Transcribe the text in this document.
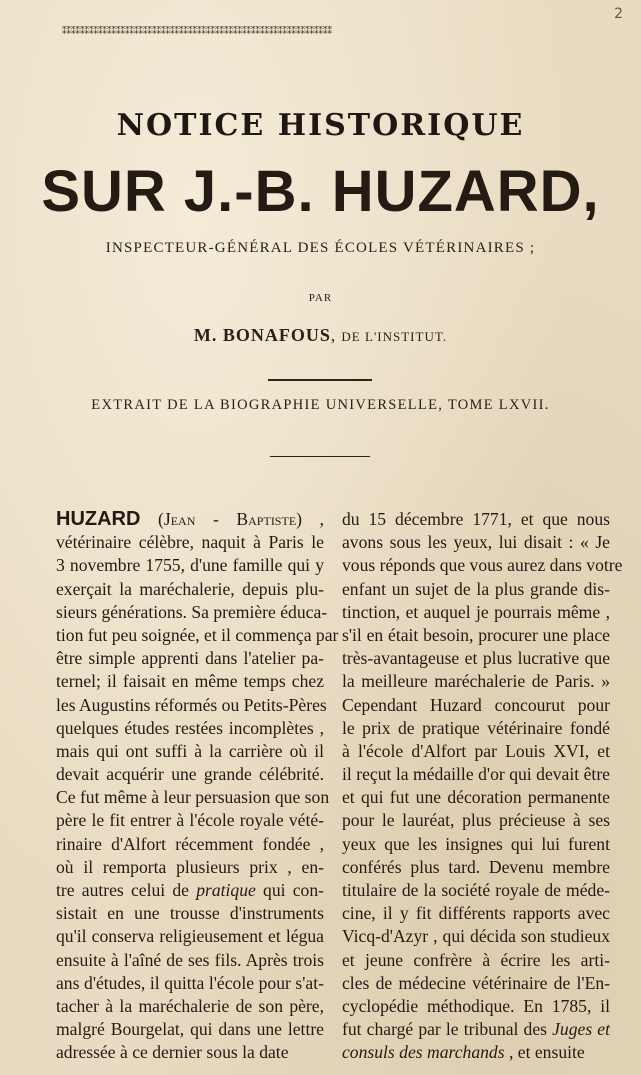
2
⁑⁑⁑⁑⁑⁑⁑⁑⁑⁑⁑⁑⁑⁑⁑⁑⁑⁑⁑⁑⁑⁑⁑⁑⁑⁑⁑⁑⁑⁑⁑⁑⁑⁑⁑⁑⁑⁑⁑⁑⁑⁑⁑⁑⁑⁑⁑⁑⁑⁑⁑⁑⁑⁑⁑⁑⁑⁑⁑⁑
NOTICE HISTORIQUE
SUR J.-B. HUZARD,
INSPECTEUR-GÉNÉRAL DES ÉCOLES VÉTÉRINAIRES ;
PAR
M. BONAFOUS, DE L'INSTITUT.
EXTRAIT DE LA BIOGRAPHIE UNIVERSELLE, TOME LXVII.
HUZARD (Jean - Baptiste) ,
vétérinaire célèbre, naquit à Paris le
3 novembre 1755, d'une famille qui y
exerçait la maréchalerie, depuis plu-
sieurs générations. Sa première éduca-
tion fut peu soignée, et il commença par
être simple apprenti dans l'atelier pa-
ternel; il faisait en même temps chez
les Augustins réformés ou Petits-Pères
quelques études restées incomplètes ,
mais qui ont suffi à la carrière où il
devait acquérir une grande célébrité.
Ce fut même à leur persuasion que son
père le fit entrer à l'école royale vété-
rinaire d'Alfort récemment fondée ,
où il remporta plusieurs prix , en-
tre autres celui de pratique qui con-
sistait en une trousse d'instruments
qu'il conserva religieusement et légua
ensuite à l'aîné de ses fils. Après trois
ans d'études, il quitta l'école pour s'at-
tacher à la maréchalerie de son père,
malgré Bourgelat, qui dans une lettre
adressée à ce dernier sous la date
du 15 décembre 1771, et que nous
avons sous les yeux, lui disait : « Je
vous réponds que vous aurez dans votre
enfant un sujet de la plus grande dis-
tinction, et auquel je pourrais même ,
s'il en était besoin, procurer une place
très-avantageuse et plus lucrative que
la meilleure maréchalerie de Paris. »
Cependant Huzard concourut pour
le prix de pratique vétérinaire fondé
à l'école d'Alfort par Louis XVI, et
il reçut la médaille d'or qui devait être
et qui fut une décoration permanente
pour le lauréat, plus précieuse à ses
yeux que les insignes qui lui furent
conférés plus tard. Devenu membre
titulaire de la société royale de méde-
cine, il y fit différents rapports avec
Vicq-d'Azyr , qui décida son studieux
et jeune confrère à écrire les arti-
cles de médecine vétérinaire de l'En-
cyclopédie méthodique. En 1785, il
fut chargé par le tribunal des Juges et
consuls des marchands , et ensuite
